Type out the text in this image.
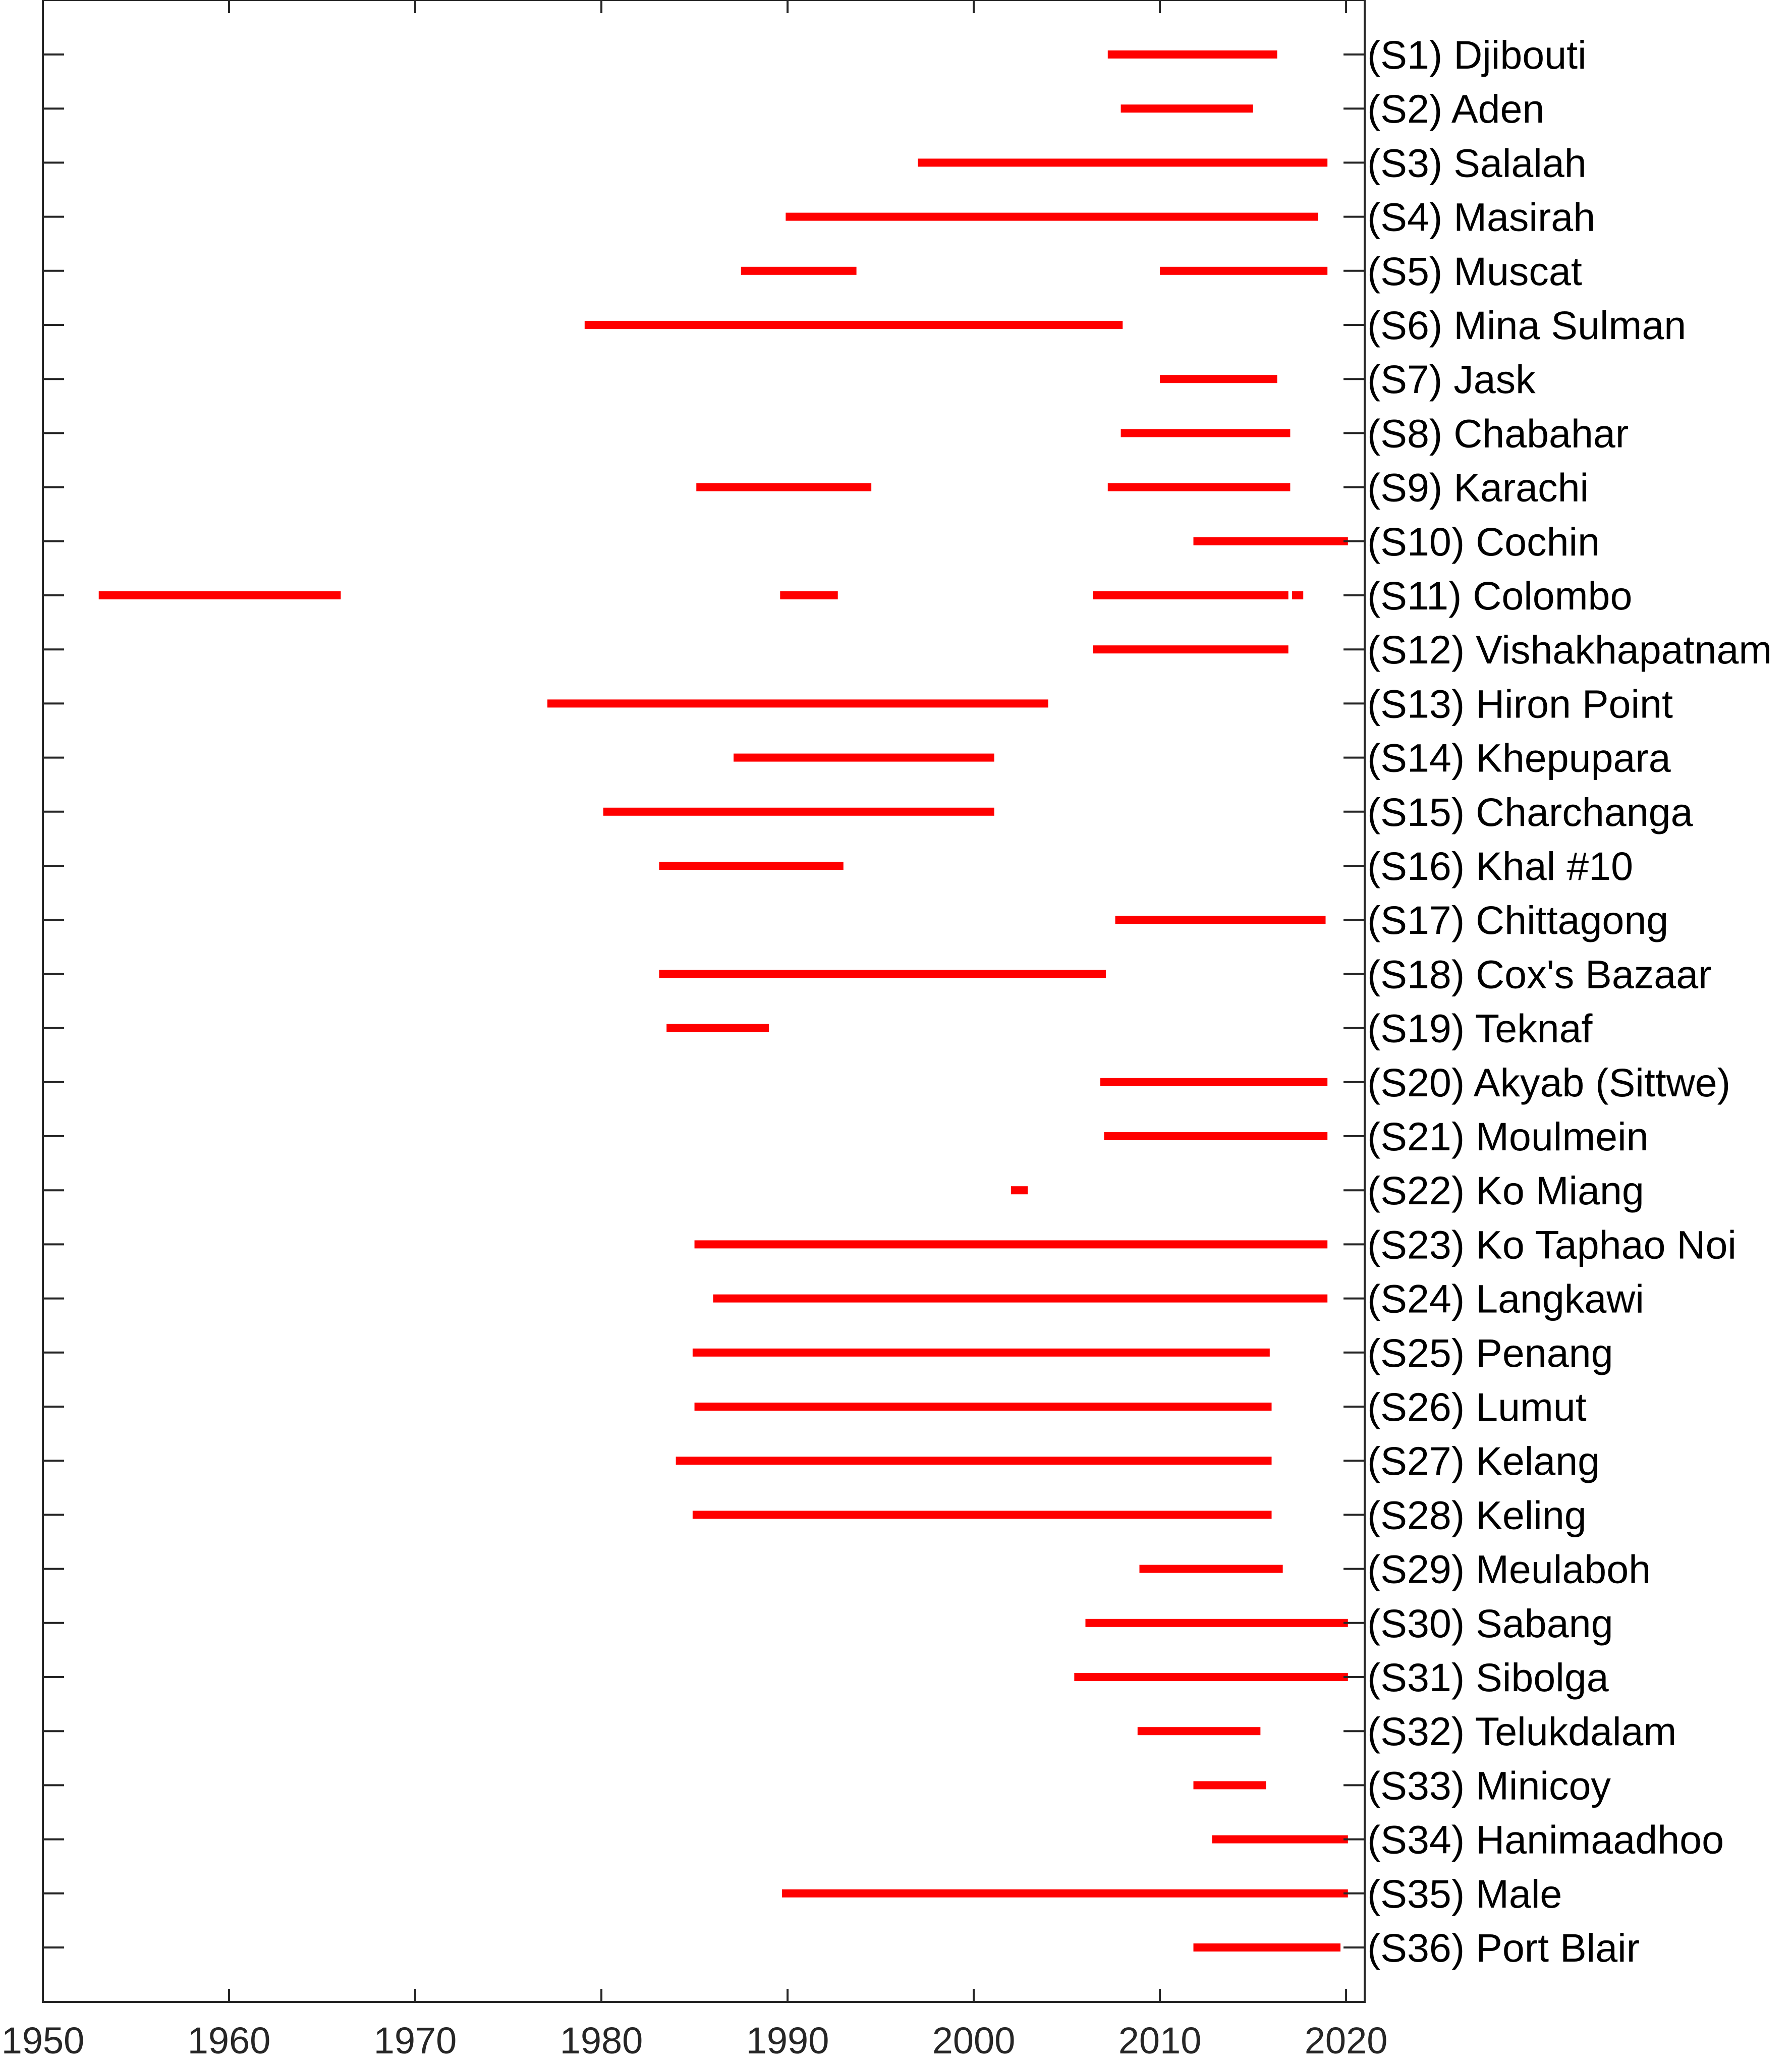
1950	1960	1970	1980	1990	2000	2010	2020
(S1) Djibouti
(S2) Aden
(S3) Salalah
(S4) Masirah
(S5) Muscat
(S6) Mina Sulman
(S7) Jask
(S8) Chabahar
(S9) Karachi
(S10) Cochin
(S11) Colombo
(S12) Vishakhapatnam
(S13) Hiron Point
(S14) Khepupara
(S15) Charchanga
(S16) Khal #10
(S17) Chittagong
(S18) Cox's Bazaar
(S19) Teknaf
(S20) Akyab (Sittwe)
(S21) Moulmein
(S22) Ko Miang
(S23) Ko Taphao Noi
(S24) Langkawi
(S25) Penang
(S26) Lumut
(S27) Kelang
(S28) Keling
(S29) Meulaboh
(S30) Sabang
(S31) Sibolga
(S32) Telukdalam
(S33) Minicoy
(S34) Hanimaadhoo
(S35) Male
(S36) Port Blair
